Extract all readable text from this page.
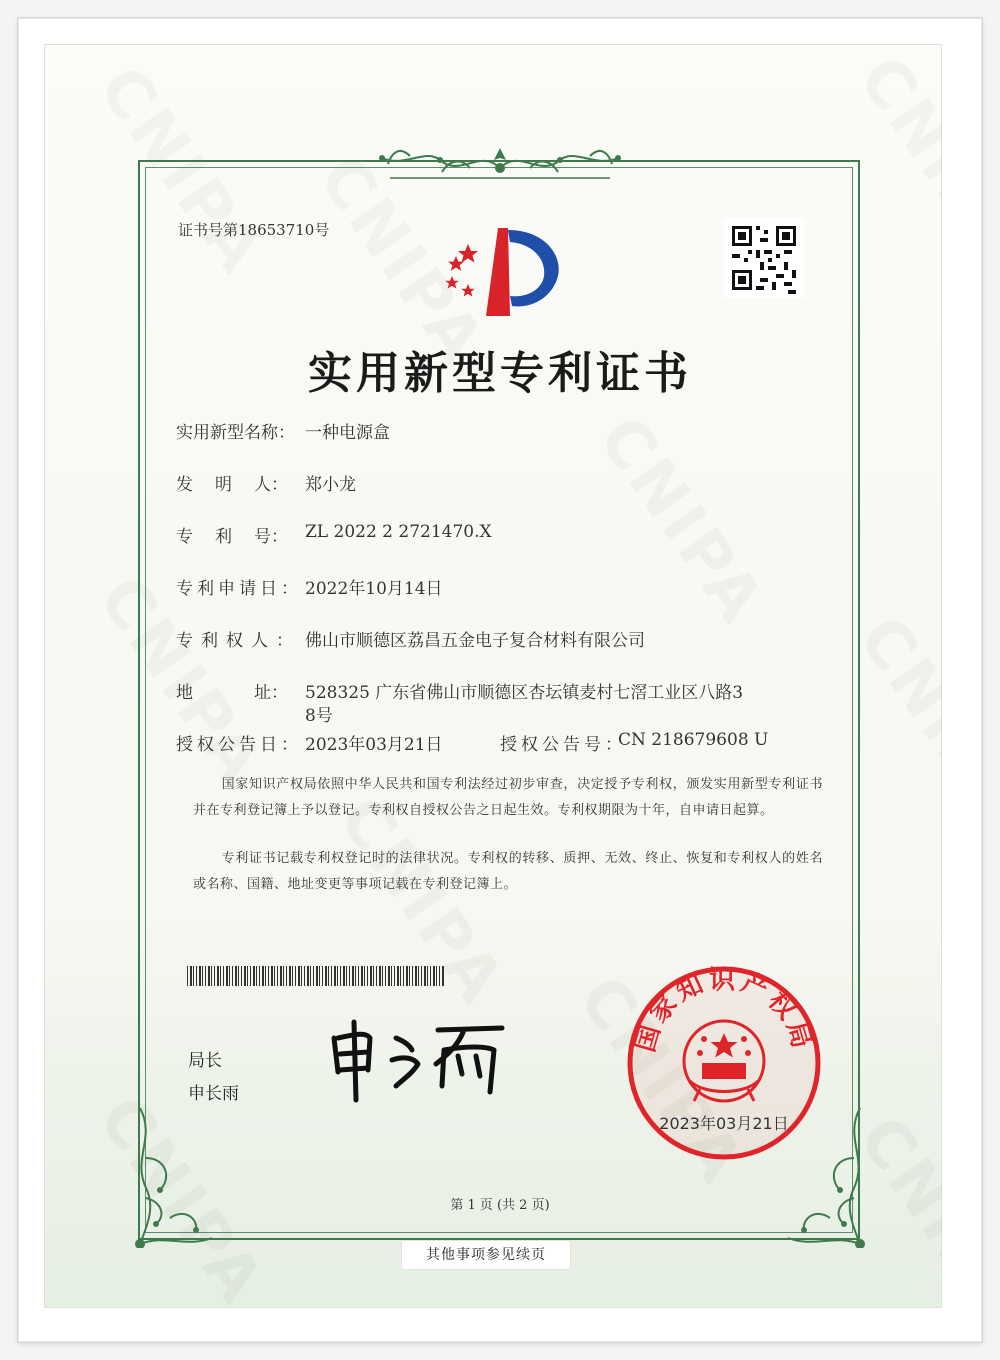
证书号第18653710号
实用新型专利证书
实用新型名称： 一种电源盒
发 明 人： 郑小龙
专 利 号： ZL 2022 2 2721470.X
专利申请日： 2022年10月14日
专利权人： 佛山市顺德区荔昌五金电子复合材料有限公司
地	址： 528325 广东省佛山市顺德区杏坛镇麦村七滘工业区八路3
8号
授权公告日： 2023年03月21日	授权公告号：
CN 218679608 U
国家知识产权局依照中华人民共和国专利法经过初步审查，决定授予专利权，颁发实用新型专利证书并在专利登记簿上予以登记。专利权自授权公告之日起生效。专利权期限为十年，自申请日起算。
专利证书记载专利权登记时的法律状况。专利权的转移、质押、无效、终止、恢复和专利权人的姓名或名称、国籍、地址变更等事项记载在专利登记簿上。
局长
申长雨
国家知识产权局
2023年03月21日
第 1 页 (共 2 页)
其他事项参见续页
